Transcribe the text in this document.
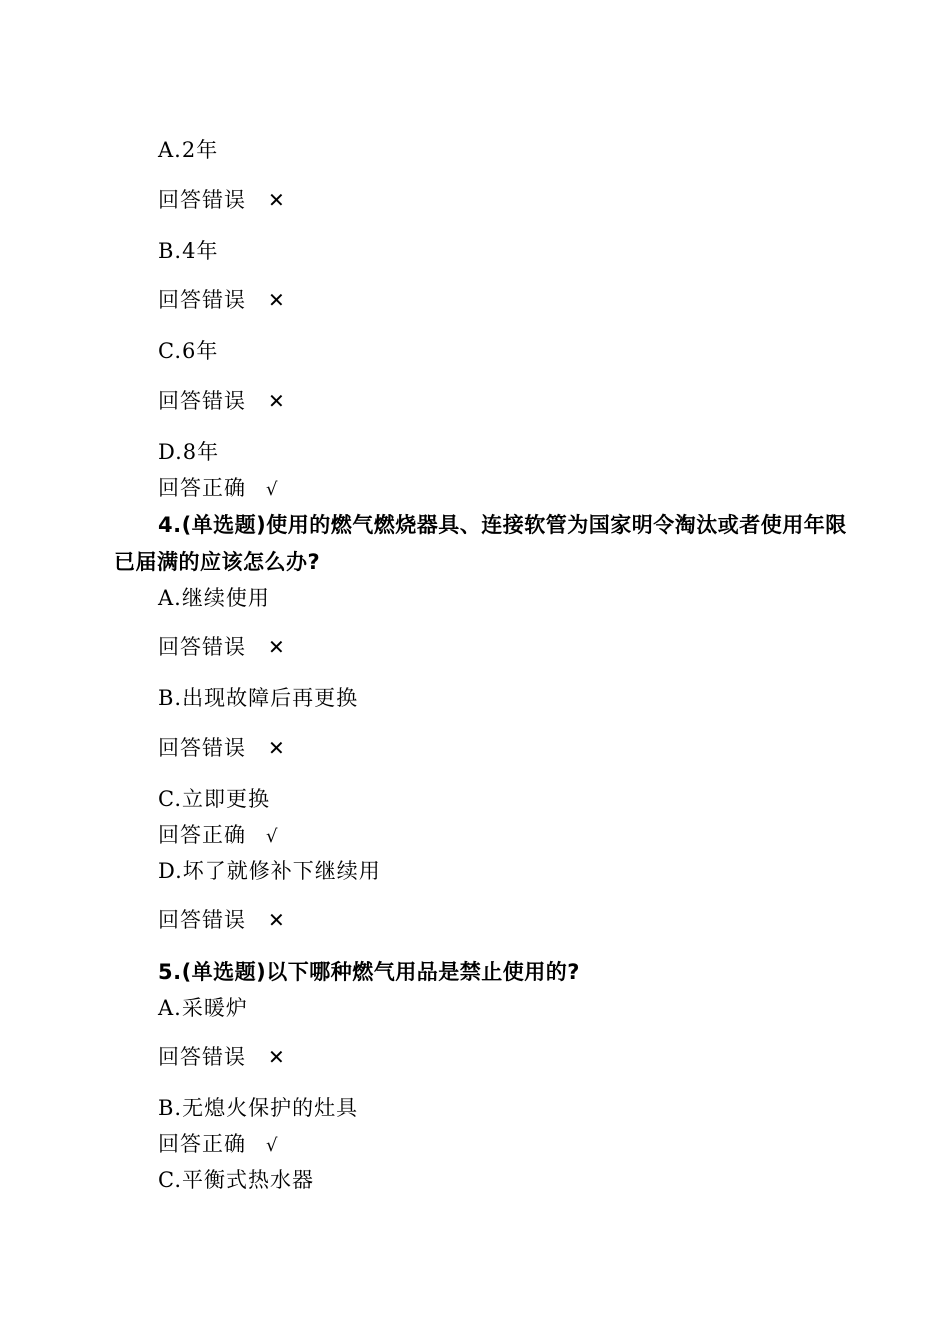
A.2年
回答错误 ✕
B.4年
回答错误 ✕
C.6年
回答错误 ✕
D.8年
回答正确 √
4.(单选题)使用的燃气燃烧器具、连接软管为国家明令淘汰或者使用年限已届满的应该怎么办?
A.继续使用
回答错误 ✕
B.出现故障后再更换
回答错误 ✕
C.立即更换
回答正确 √
D.坏了就修补下继续用
回答错误 ✕
5.(单选题)以下哪种燃气用品是禁止使用的?
A.采暖炉
回答错误 ✕
B.无熄火保护的灶具
回答正确 √
C.平衡式热水器
